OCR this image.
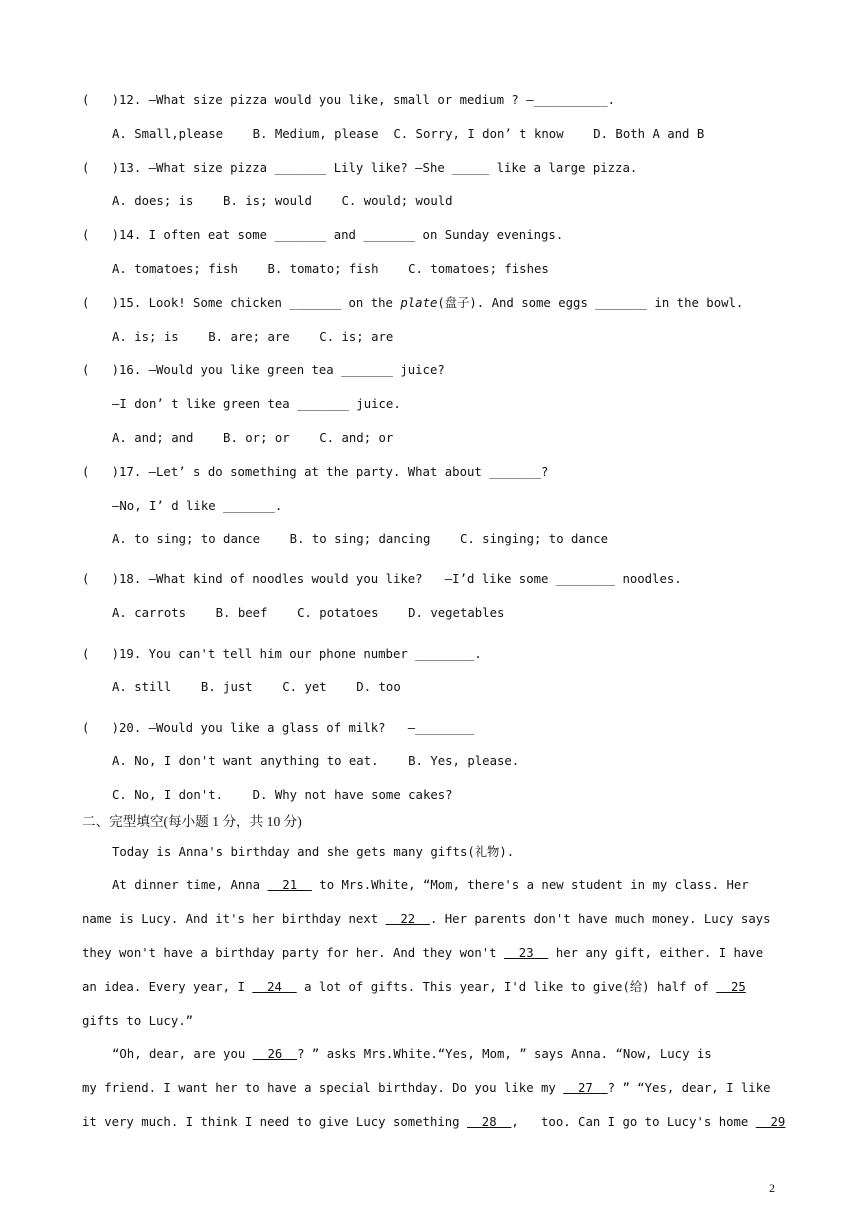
(   )12. —What size pizza would you like, small or medium ? —__________.
A. Small,please    B. Medium, please  C. Sorry, I don’ t know    D. Both A and B
(   )13. —What size pizza _______ Lily like? —She _____ like a large pizza.
A. does; is    B. is; would    C. would; would
(   )14. I often eat some _______ and _______ on Sunday evenings.
A. tomatoes; fish    B. tomato; fish    C. tomatoes; fishes
(   )15. Look! Some chicken _______ on the plate(盘子). And some eggs _______ in the bowl.
A. is; is    B. are; are    C. is; are
(   )16. —Would you like green tea _______ juice?
—I don’ t like green tea _______ juice.
A. and; and    B. or; or    C. and; or
(   )17. —Let’ s do something at the party. What about _______?
—No, I’ d like _______.
A. to sing; to dance    B. to sing; dancing    C. singing; to dance
(   )18. —What kind of noodles would you like?   —I’d like some ________ noodles.
A. carrots    B. beef    C. potatoes    D. vegetables
(   )19. You can't tell him our phone number ________.
A. still    B. just    C. yet    D. too
(   )20. —Would you like a glass of milk?   —________
A. No, I don't want anything to eat.    B. Yes, please.
C. No, I don't.    D. Why not have some cakes?
二、完型填空(每小题 1 分，共 10 分)
Today is Anna's birthday and she gets many gifts(礼物).
At dinner time, Anna   21   to Mrs.White, “Mom, there's a new student in my class. Her
name is Lucy. And it's her birthday next   22  . Her parents don't have much money. Lucy says
they won't have a birthday party for her. And they won't   23   her any gift, either. I have
an idea. Every year, I   24   a lot of gifts. This year, I'd like to give(给) half of   25
gifts to Lucy.”
“Oh, dear, are you   26  ? ” asks Mrs.White.“Yes, Mom, ” says Anna. “Now, Lucy is
my friend. I want her to have a special birthday. Do you like my   27  ? ” “Yes, dear, I like
it very much. I think I need to give Lucy something   28  ,   too. Can I go to Lucy's home   29
2
